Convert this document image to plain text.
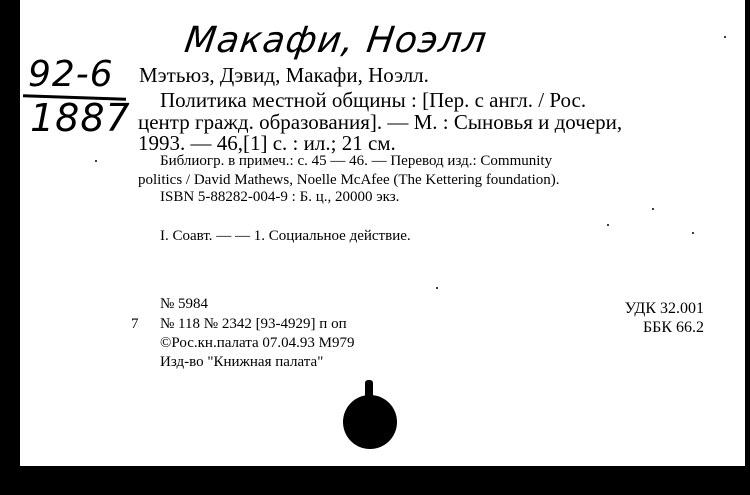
Макафи, Ноэлл
92-6
1887
Мэтьюз, Дэвид, Макафи, Ноэлл.
Политика местной общины : [Пер. с англ. / Рос.
центр гражд. образования]. — М. : Сыновья и дочери,
1993. — 46,[1] с. : ил.; 21 см.
Библиогр. в примеч.: с. 45 — 46. — Перевод изд.: Community
politics / David Mathews, Noelle McAfee (The Kettering foundation).
ISBN 5-88282-004-9 : Б. ц., 20000 экз.
I. Соавт. — — 1. Социальное действие.
№ 5984
7 № 118 № 2342 [93-4929] п оп
©Рос.кн.палата 07.04.93 M979
Изд-во "Книжная палата"
УДК 32.001
ББК 66.2
